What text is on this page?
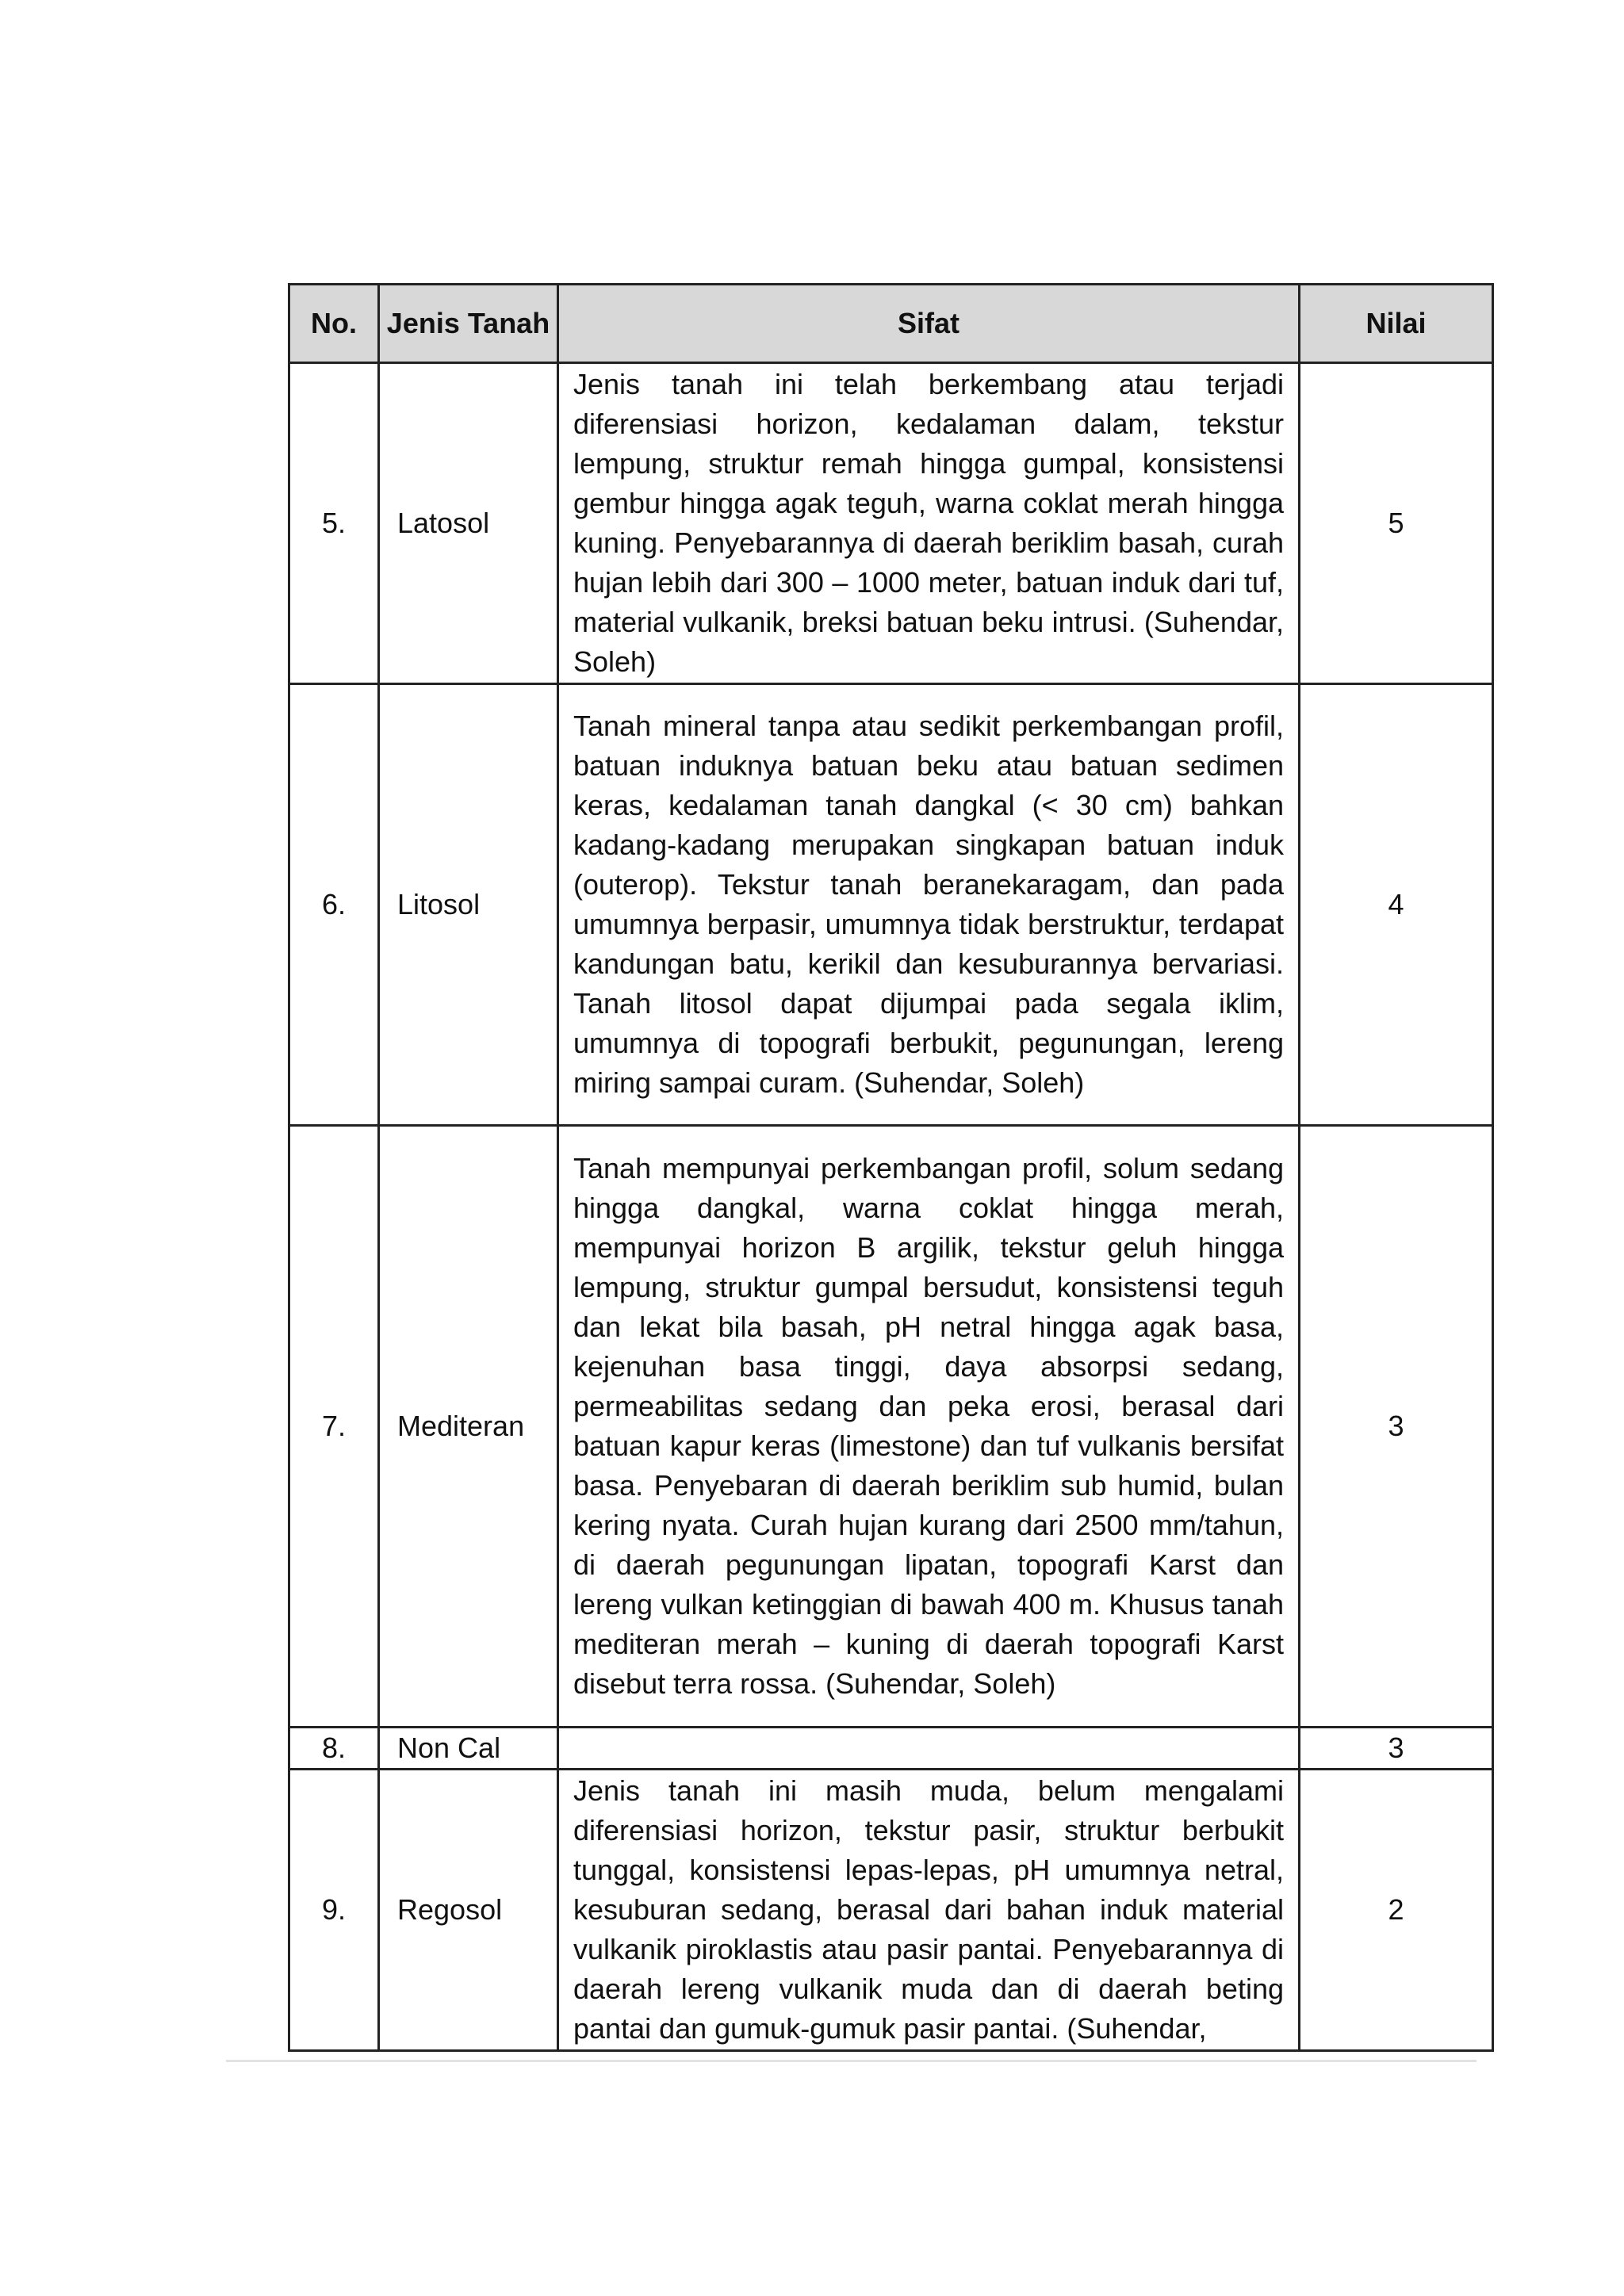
No.	Jenis Tanah	Sifat	Nilai
5.	Latosol	Jenis tanah ini telah berkembang atau terjadi diferensiasi horizon, kedalaman dalam, tekstur lempung, struktur remah hingga gumpal, konsistensi gembur hingga agak teguh, warna coklat merah hingga kuning. Penyebarannya di daerah beriklim basah, curah hujan lebih dari 300 – 1000 meter, batuan induk dari tuf, material vulkanik, breksi batuan beku intrusi. (Suhendar, Soleh)	5
6.	Litosol	Tanah mineral tanpa atau sedikit perkembangan profil, batuan induknya batuan beku atau batuan sedimen keras, kedalaman tanah dangkal (< 30 cm) bahkan kadang-kadang merupakan singkapan batuan induk (outerop). Tekstur tanah beranekaragam, dan pada umumnya berpasir, umumnya tidak berstruktur, terdapat kandungan batu, kerikil dan kesuburannya bervariasi. Tanah litosol dapat dijumpai pada segala iklim, umumnya di topografi berbukit, pegunungan, lereng miring sampai curam. (Suhendar, Soleh)	4
7.	Mediteran	Tanah mempunyai perkembangan profil, solum sedang hingga dangkal, warna coklat hingga merah, mempunyai horizon B argilik, tekstur geluh hingga lempung, struktur gumpal bersudut, konsistensi teguh dan lekat bila basah, pH netral hingga agak basa, kejenuhan basa tinggi, daya absorpsi sedang, permeabilitas sedang dan peka erosi, berasal dari batuan kapur keras (limestone) dan tuf vulkanis bersifat basa. Penyebaran di daerah beriklim sub humid, bulan kering nyata. Curah hujan kurang dari 2500 mm/tahun, di daerah pegunungan lipatan, topografi Karst dan lereng vulkan ketinggian di bawah 400 m. Khusus tanah mediteran merah – kuning di daerah topografi Karst disebut terra rossa. (Suhendar, Soleh)	3
8.	Non Cal		3
9.	Regosol	Jenis tanah ini masih muda, belum mengalami diferensiasi horizon, tekstur pasir, struktur berbukit tunggal, konsistensi lepas-lepas, pH umumnya netral, kesuburan sedang, berasal dari bahan induk material vulkanik piroklastis atau pasir pantai. Penyebarannya di daerah lereng vulkanik muda dan di daerah beting pantai dan gumuk-gumuk pasir pantai. (Suhendar,	2
